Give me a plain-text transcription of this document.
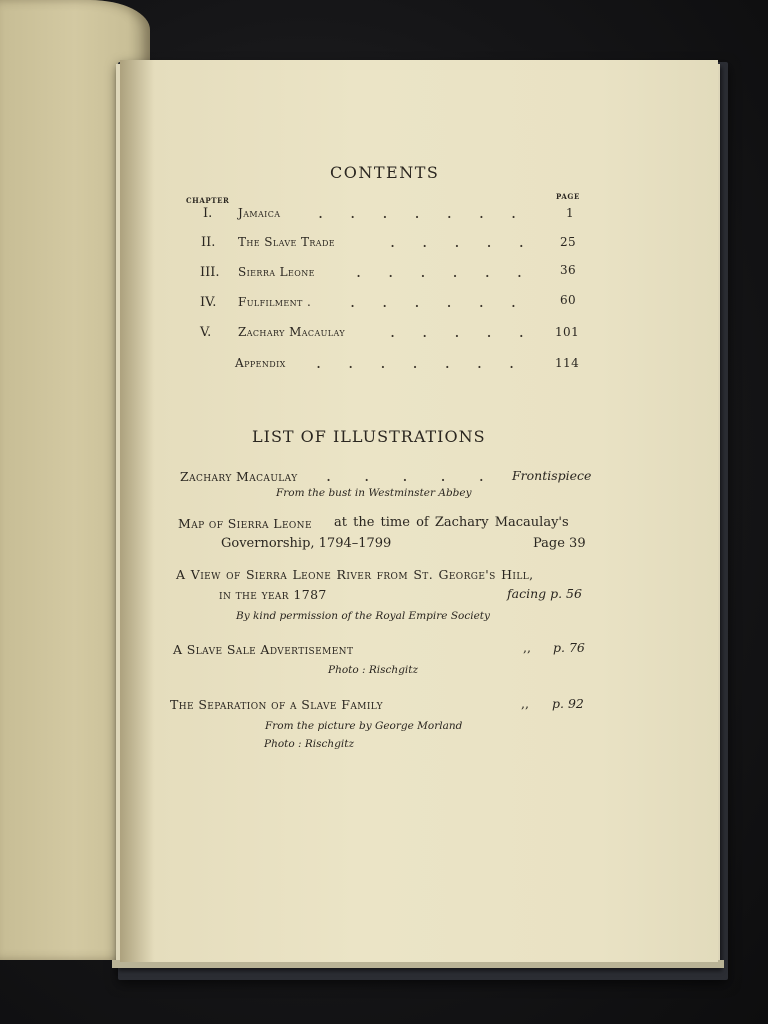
CONTENTS
CHAPTER	PAGE
I. Jamaica . . . . . . .	1
II. The Slave Trade	. . . . . 25
III. Sierra Leone	. . . . . . 36
IV. Fulfilment . . . . . . .	60
V. Zachary Macaulay	. . . . . 101
Appendix . . . . . . . 114
LIST OF ILLUSTRATIONS
Zachary Macaulay . . . . . Frontispiece
From the bust in Westminster Abbey
Map of Sierra Leone at the time of Zachary Macaulay's
Governorship, 1794–1799	Page 39
A View of Sierra Leone River from St. George's Hill,
in the year 1787	facing p. 56
By kind permission of the Royal Empire Society
A Slave Sale Advertisement	,, p. 76
Photo : Rischgitz
The Separation of a Slave Family	,, p. 92
From the picture by George Morland
Photo : Rischgitz
